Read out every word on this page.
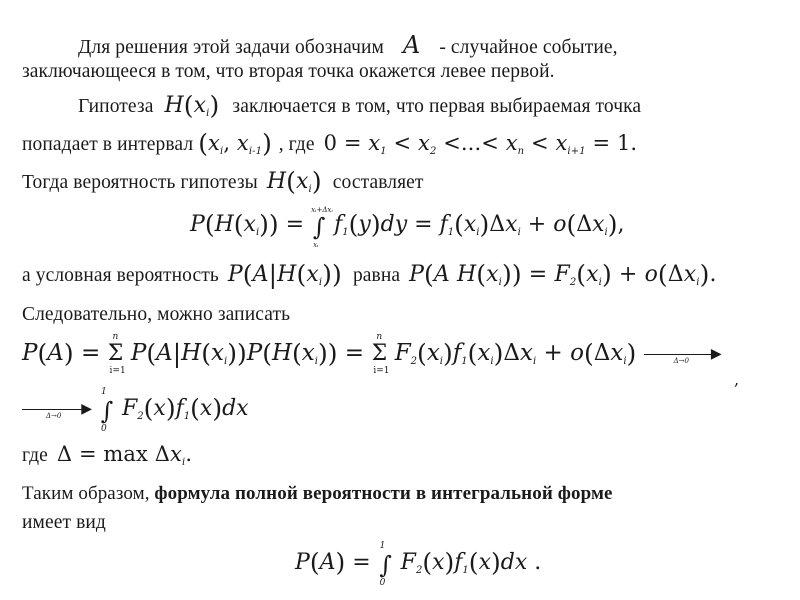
Для решения этой задачи обозначим A - случайное событие,
заключающееся в том, что вторая точка окажется левее первой.
Гипотеза $H(x_i)$ заключается в том, что первая выбираемая точка
попадает в интервал ($x_i$, $x_{i-1}$) , где $0 = x_1 < x_2$ <...< $x_n < x_{i+1} = 1$.
Тогда вероятность гипотезы $H(x_i)$ составляет
$P(H(x_i))$ = ∫
xᵢ+Δxᵢ
xᵢ
$f_1(y)dy = f_1(x_i)\Delta x_i + o(\Delta x_i)$,
а условная вероятность $P(A|H(x_i))$ равна P(A $H(x_i)) = F_2(x_i) + o(\Delta x_i)$.
Следовательно, можно записать
P(A) = Σ
n
i=1
$P(A|H(x_i))P(H(x_i)) = \Sigma$
n
i=1
$F_2(x_i)f_1(x_i)\Delta x_i + o(\Delta x_i)$	▶
Δ→0
,
▶
Δ→0 ∫
1
0
$F_2(x)f_1(x)dx$
где $\Delta = \max \Delta x_i$.
Таким образом, формула полной вероятности в интегральной форме
имеет вид
P(A) = ∫
1
0
$F_2(x)f_1(x)dx$ .
